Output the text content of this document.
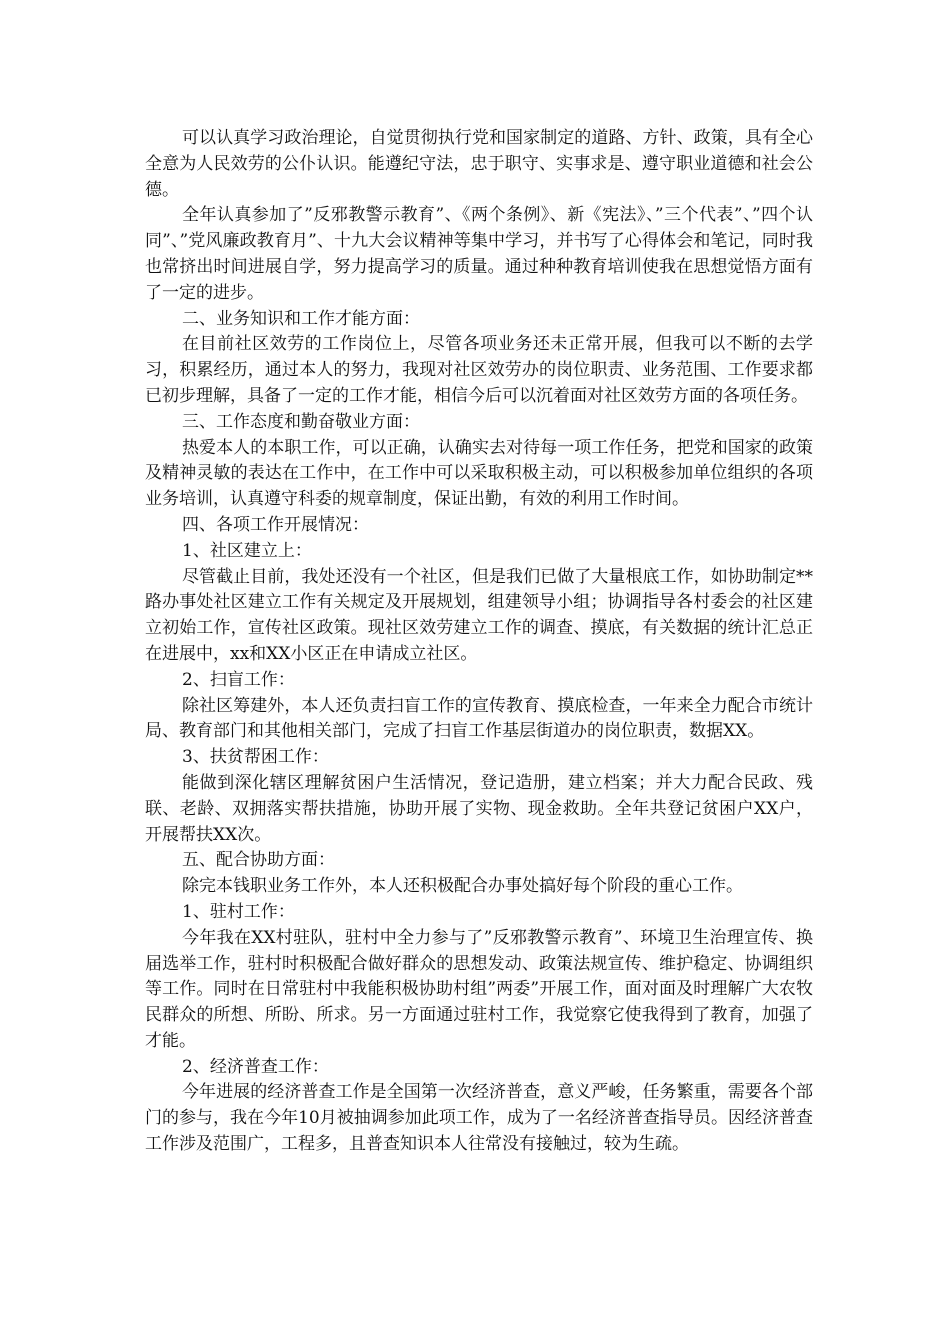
可以认真学习政治理论，自觉贯彻执行党和国家制定的道路、方针、政策，具有全心全意为人民效劳的公仆认识。能遵纪守法，忠于职守、实事求是、遵守职业道德和社会公德。

全年认真参加了”反邪教警示教育”、《两个条例》、新《宪法》、”三个代表”、”四个认同”、”党风廉政教育月”、十九大会议精神等集中学习，并书写了心得体会和笔记，同时我也常挤出时间进展自学，努力提高学习的质量。通过种种教育培训使我在思想觉悟方面有了一定的进步。

二、业务知识和工作才能方面：

在目前社区效劳的工作岗位上，尽管各项业务还未正常开展，但我可以不断的去学习，积累经历，通过本人的努力，我现对社区效劳办的岗位职责、业务范围、工作要求都已初步理解，具备了一定的工作才能，相信今后可以沉着面对社区效劳方面的各项任务。

三、工作态度和勤奋敬业方面：

热爱本人的本职工作，可以正确，认确实去对待每一项工作任务，把党和国家的政策及精神灵敏的表达在工作中，在工作中可以采取积极主动，可以积极参加单位组织的各项业务培训，认真遵守科委的规章制度，保证出勤，有效的利用工作时间。

四、各项工作开展情况：

1、社区建立上：

尽管截止目前，我处还没有一个社区，但是我们已做了大量根底工作，如协助制定**路办事处社区建立工作有关规定及开展规划，组建领导小组；协调指导各村委会的社区建立初始工作，宣传社区政策。现社区效劳建立工作的调查、摸底，有关数据的统计汇总正在进展中，xx和XX小区正在申请成立社区。

2、扫盲工作：

除社区筹建外，本人还负责扫盲工作的宣传教育、摸底检查，一年来全力配合市统计局、教育部门和其他相关部门，完成了扫盲工作基层街道办的岗位职责，数据XX。

3、扶贫帮困工作：

能做到深化辖区理解贫困户生活情况，登记造册，建立档案；并大力配合民政、残联、老龄、双拥落实帮扶措施，协助开展了实物、现金救助。全年共登记贫困户XX户，开展帮扶XX次。

五、配合协助方面：

除完本钱职业务工作外，本人还积极配合办事处搞好每个阶段的重心工作。

1、驻村工作：

今年我在XX村驻队，驻村中全力参与了”反邪教警示教育”、环境卫生治理宣传、换届选举工作，驻村时积极配合做好群众的思想发动、政策法规宣传、维护稳定、协调组织等工作。同时在日常驻村中我能积极协助村组”两委”开展工作，面对面及时理解广大农牧民群众的所想、所盼、所求。另一方面通过驻村工作，我觉察它使我得到了教育，加强了才能。

2、经济普查工作：

今年进展的经济普查工作是全国第一次经济普查，意义严峻，任务繁重，需要各个部门的参与，我在今年10月被抽调参加此项工作，成为了一名经济普查指导员。因经济普查工作涉及范围广，工程多，且普查知识本人往常没有接触过，较为生疏。
